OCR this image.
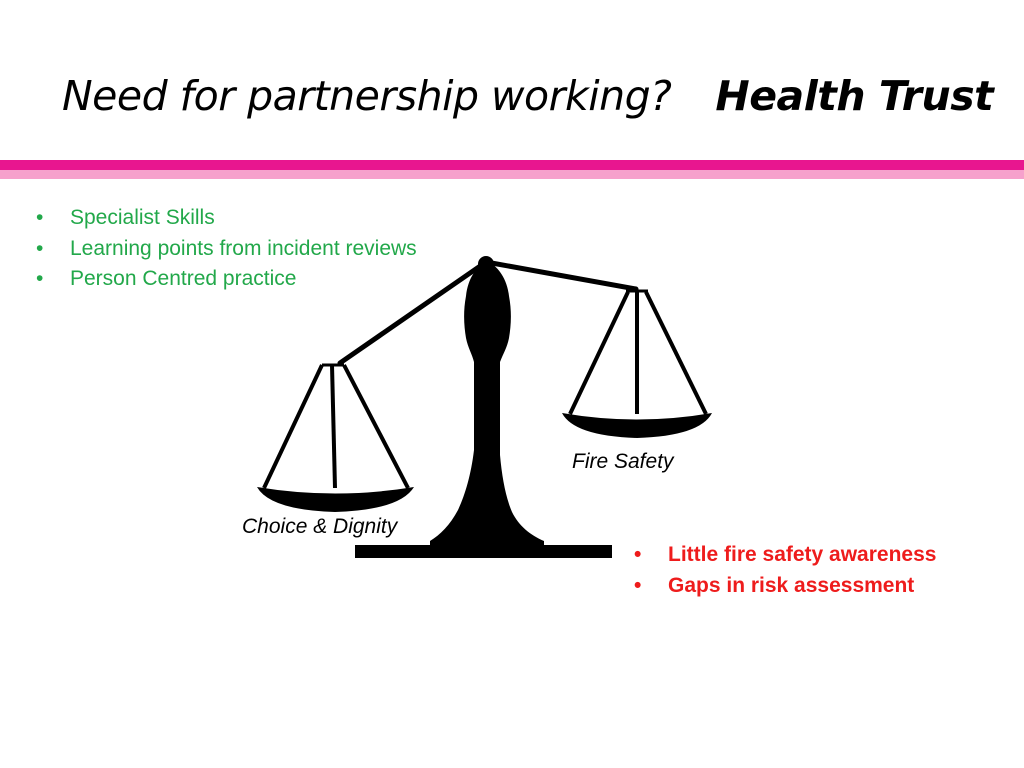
Need for partnership working? Health Trust
• Specialist Skills
• Learning points from incident reviews
• Person Centred practice
Fire Safety
Choice & Dignity
• Little fire safety awareness
• Gaps in risk assessment
